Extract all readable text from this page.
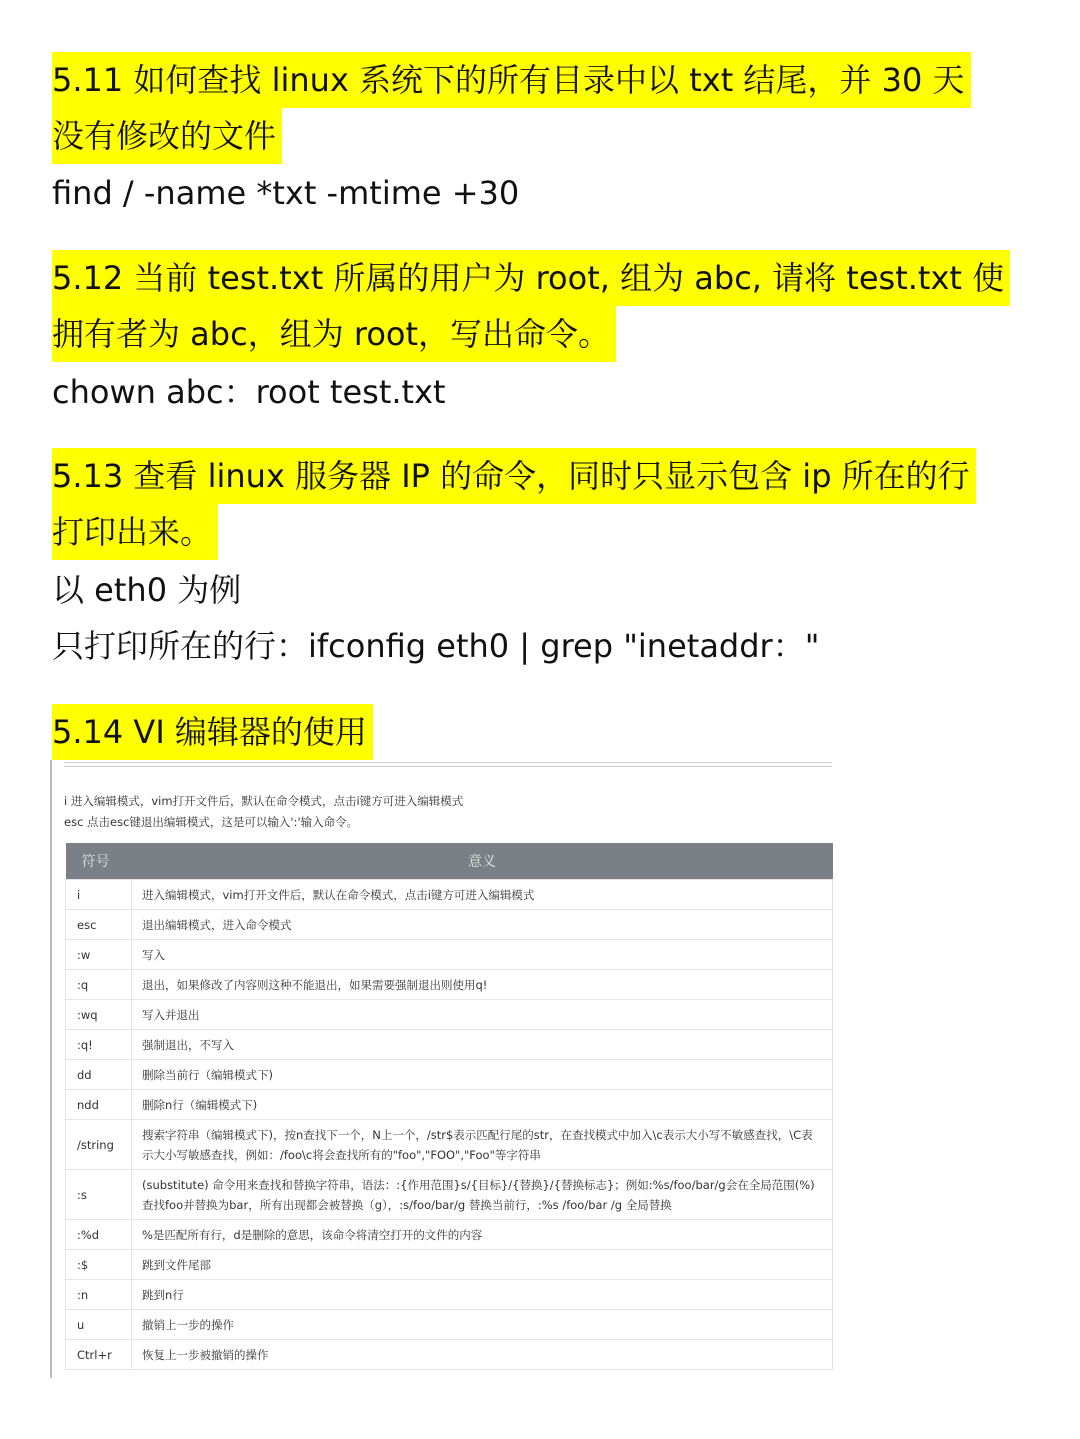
5.11 如何查找 linux 系统下的所有目录中以 txt 结尾，并 30 天
没有修改的文件
find / -name *txt -mtime +30
5.12 当前 test.txt 所属的用户为 root, 组为 abc, 请将 test.txt 使
拥有者为 abc，组为 root，写出命令。
chown abc：root test.txt
5.13 查看 linux 服务器 IP 的命令，同时只显示包含 ip 所在的行
打印出来。
以 eth0 为例
只打印所在的行：ifconfig eth0 | grep "inetaddr："
5.14 VI 编辑器的使用
i 进入编辑模式，vim打开文件后，默认在命令模式，点击i键方可进入编辑模式
esc 点击esc键退出编辑模式，这是可以输入':'输入命令。
符号	意义
i	进入编辑模式，vim打开文件后，默认在命令模式，点击i键方可进入编辑模式
esc	退出编辑模式，进入命令模式
:w	写入
:q	退出，如果修改了内容则这种不能退出，如果需要强制退出则使用q!
:wq	写入并退出
:q!	强制退出，不写入
dd	删除当前行（编辑模式下)
ndd	删除n行（编辑模式下)
/string	搜索字符串（编辑模式下)，按n查找下一个，N上一个，/str$表示匹配行尾的str，在查找模式中加入\c表示大小写不敏感查找，\C表示大小写敏感查找，例如：/foo\c将会查找所有的"foo","FOO","Foo"等字符串
:s	(substitute) 命令用来查找和替换字符串，语法：:{作用范围}s/{目标}/{替换}/{替换标志}；例如:%s/foo/bar/g会在全局范围(%)查找foo并替换为bar，所有出现都会被替换（g），:s/foo/bar/g 替换当前行，:%s /foo/bar /g 全局替换
:%d	%是匹配所有行，d是删除的意思，该命令将清空打开的文件的内容
:$	跳到文件尾部
:n	跳到n行
u	撤销上一步的操作
Ctrl+r	恢复上一步被撤销的操作
